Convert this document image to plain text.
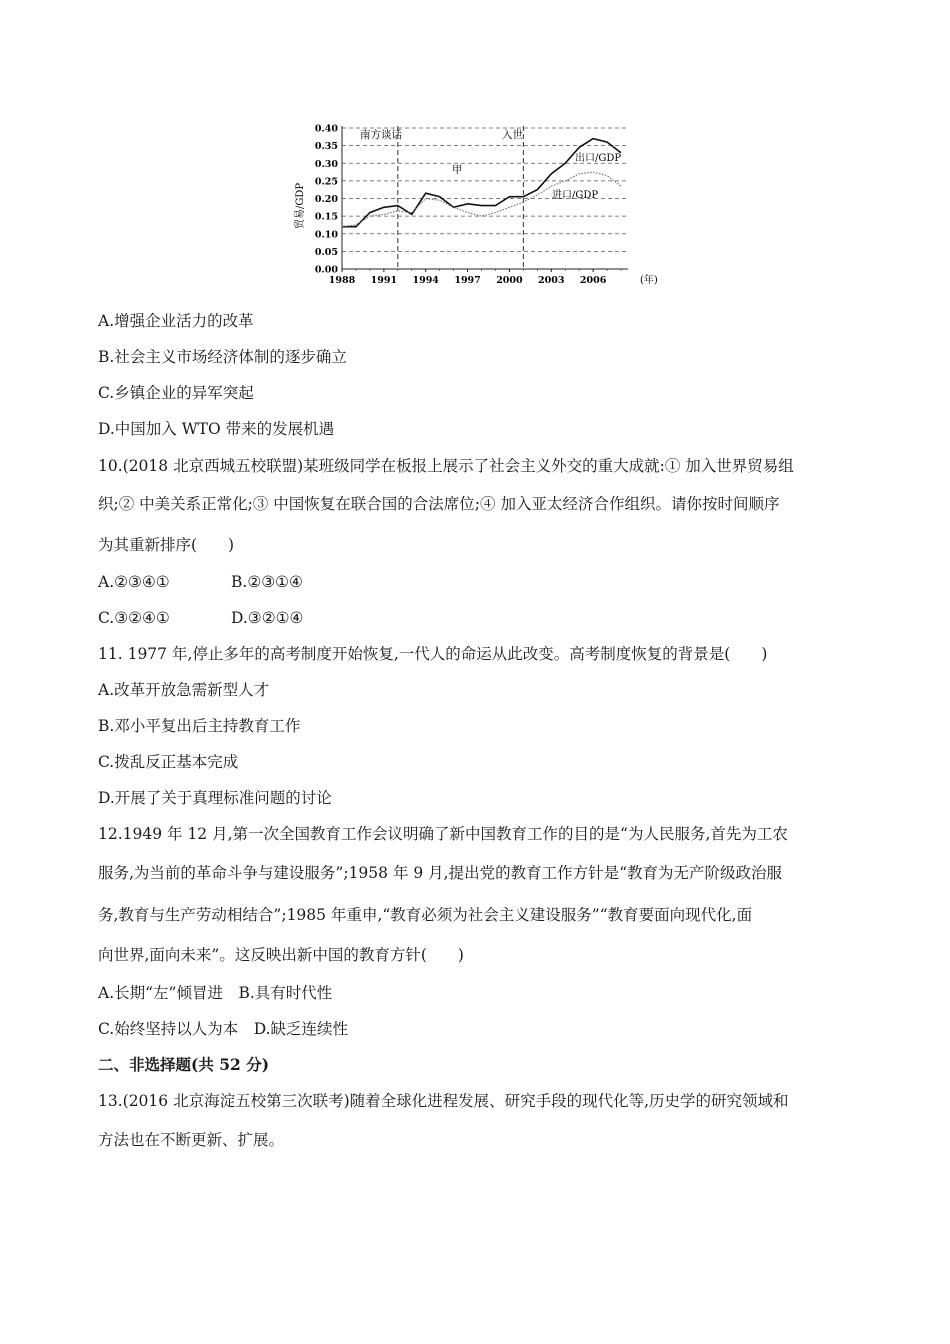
0.00
0.05
0.10
0.15
0.20
0.25
0.30
0.35
0.40
1988 1991 1994 1997 2000 2003 2006
贸易/GDP
(年)
南方谈话	入世
甲
出口/GDP
进口/GDP
A.增强企业活力的改革
B.社会主义市场经济体制的逐步确立
C.乡镇企业的异军突起
D.中国加入 WTO 带来的发展机遇
10.(2018 北京西城五校联盟)某班级同学在板报上展示了社会主义外交的重大成就:① 加入世界贸易组
织;② 中美关系正常化;③ 中国恢复在联合国的合法席位;④ 加入亚太经济合作组织。请你按时间顺序
为其重新排序(　　)
A.②③④①	B.②③①④
C.③②④①	D.③②①④
11. 1977 年,停止多年的高考制度开始恢复,一代人的命运从此改变。高考制度恢复的背景是(　　)
A.改革开放急需新型人才
B.邓小平复出后主持教育工作
C.拨乱反正基本完成
D.开展了关于真理标准问题的讨论
12.1949 年 12 月,第一次全国教育工作会议明确了新中国教育工作的目的是“为人民服务,首先为工农
服务,为当前的革命斗争与建设服务”;1958 年 9 月,提出党的教育工作方针是“教育为无产阶级政治服
务,教育与生产劳动相结合”;1985 年重申,“教育必须为社会主义建设服务”“教育要面向现代化,面
向世界,面向未来”。这反映出新中国的教育方针(　　)
A.长期“左”倾冒进　B.具有时代性
C.始终坚持以人为本　D.缺乏连续性
二、非选择题(共 52 分)
13.(2016 北京海淀五校第三次联考)随着全球化进程发展、研究手段的现代化等,历史学的研究领域和
方法也在不断更新、扩展。
